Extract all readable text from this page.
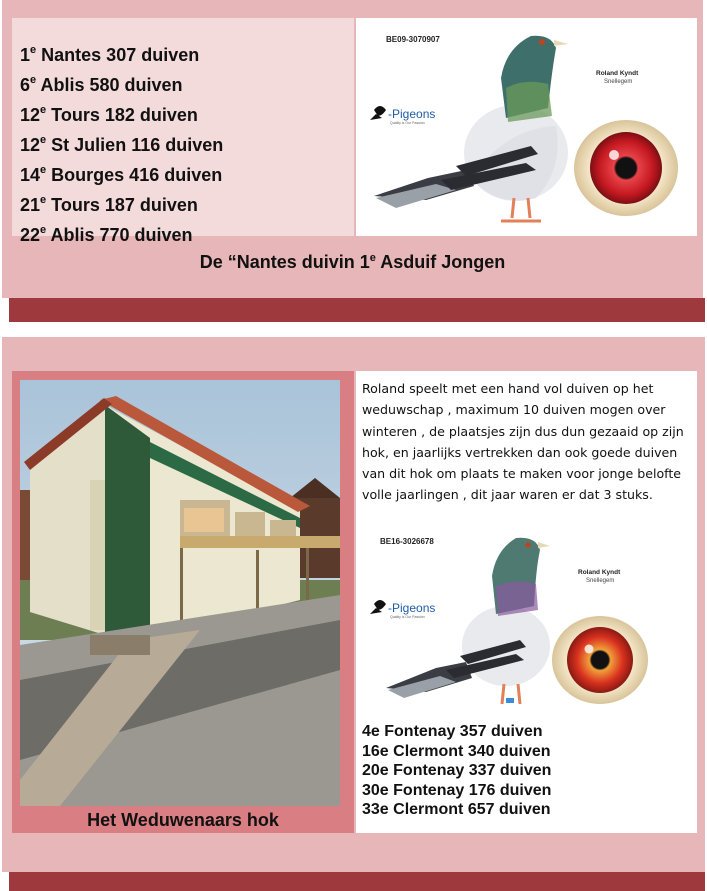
1e Nantes 307 duiven
6e Ablis 580 duiven
12e Tours 182 duiven
12e St Julien 116 duiven
14e Bourges 416 duiven
21e Tours 187 duiven
22e Ablis 770 duiven
BE09-3070907
-Pigeons
Quality is Our Passion
Roland Kyndt
Snellegem
De “Nantes duivin 1e Asduif Jongen
Het Weduwenaars hok
Roland speelt met een hand vol duiven op het weduwschap , maximum 10 duiven mogen over winteren , de plaatsjes zijn dus dun gezaaid op zijn hok, en jaarlijks vertrekken dan ook goede duiven van dit hok om plaats te maken voor jonge belofte volle jaarlingen , dit jaar waren er dat 3 stuks.
BE16-3026678
-Pigeons
Quality is Our Passion
Roland Kyndt
Snellegem
4e Fontenay 357 duiven
16e Clermont 340 duiven
20e Fontenay 337 duiven
30e Fontenay 176 duiven
33e Clermont 657 duiven
